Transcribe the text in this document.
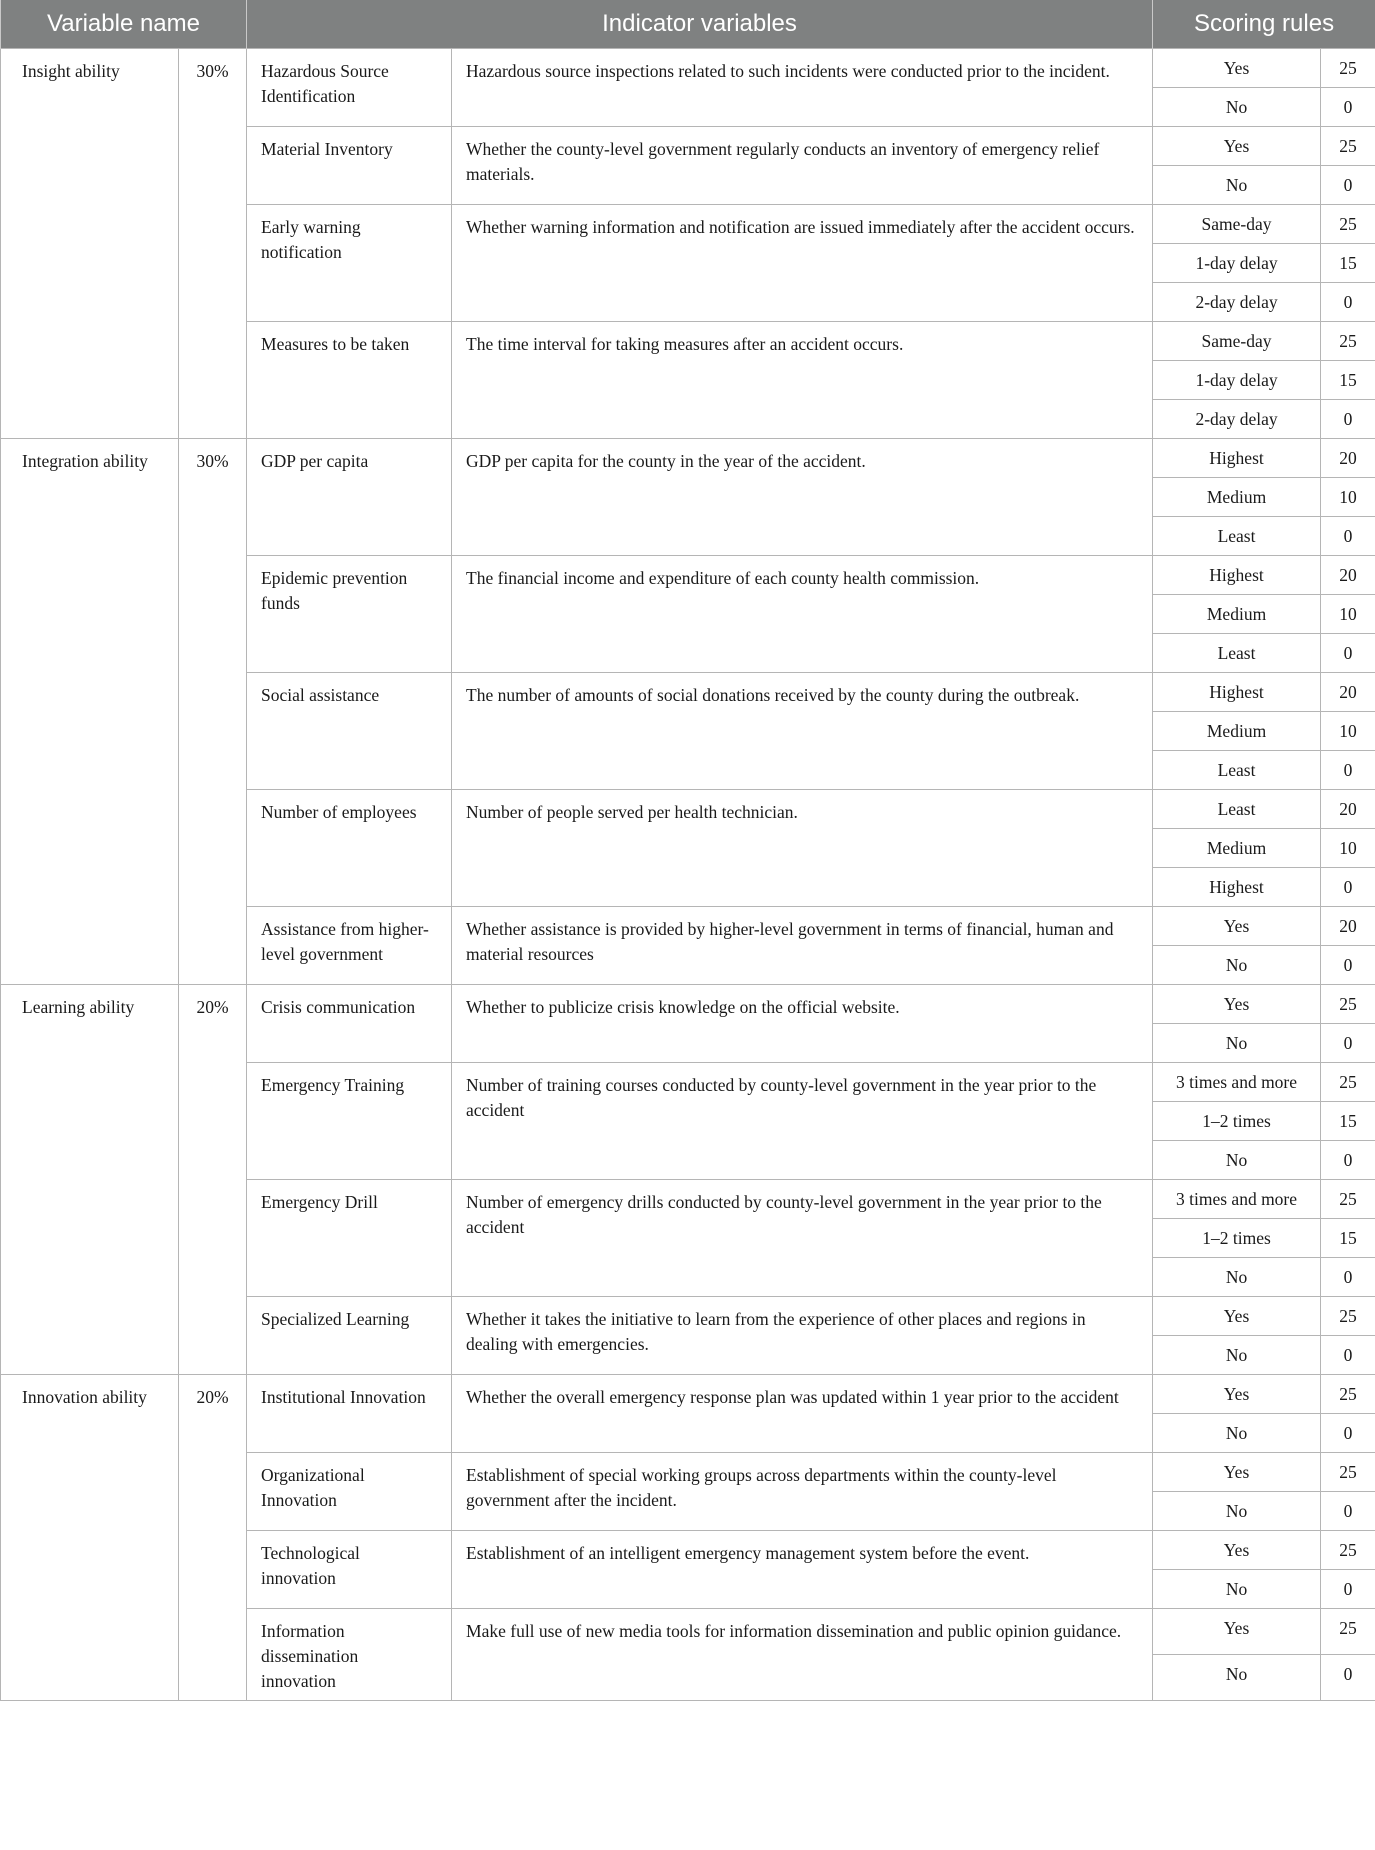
Variable name		Indicator variables		Scoring rules	
Insight ability	30%	Hazardous Source Identification	Hazardous source inspections related to such incidents were conducted prior to the incident.	Yes	25
				No	0
		Material Inventory	Whether the county-level government regularly conducts an inventory of emergency relief materials.	Yes	25
				No	0
		Early warning notification	Whether warning information and notification are issued immediately after the accident occurs.	Same-day	25
				1-day delay	15
				2-day delay	0
		Measures to be taken	The time interval for taking measures after an accident occurs.	Same-day	25
				1-day delay	15
				2-day delay	0
Integration ability	30%	GDP per capita	GDP per capita for the county in the year of the accident.	Highest	20
				Medium	10
				Least	0
		Epidemic prevention funds	The financial income and expenditure of each county health commission.	Highest	20
				Medium	10
				Least	0
		Social assistance	The number of amounts of social donations received by the county during the outbreak.	Highest	20
				Medium	10
				Least	0
		Number of employees	Number of people served per health technician.	Least	20
				Medium	10
				Highest	0
		Assistance from higher-level government	Whether assistance is provided by higher-level government in terms of financial, human and material resources	Yes	20
				No	0
Learning ability	20%	Crisis communication	Whether to publicize crisis knowledge on the official website.	Yes	25
				No	0
		Emergency Training	Number of training courses conducted by county-level government in the year prior to the accident	3 times and more	25
				1–2 times	15
				No	0
		Emergency Drill	Number of emergency drills conducted by county-level government in the year prior to the accident	3 times and more	25
				1–2 times	15
				No	0
		Specialized Learning	Whether it takes the initiative to learn from the experience of other places and regions in dealing with emergencies.	Yes	25
				No	0
Innovation ability	20%	Institutional Innovation	Whether the overall emergency response plan was updated within 1 year prior to the accident	Yes	25
				No	0
		Organizational Innovation	Establishment of special working groups across departments within the county-level government after the incident.	Yes	25
				No	0
		Technological innovation	Establishment of an intelligent emergency management system before the event.	Yes	25
				No	0
		Information dissemination innovation	Make full use of new media tools for information dissemination and public opinion guidance.	Yes	25
				No	0
